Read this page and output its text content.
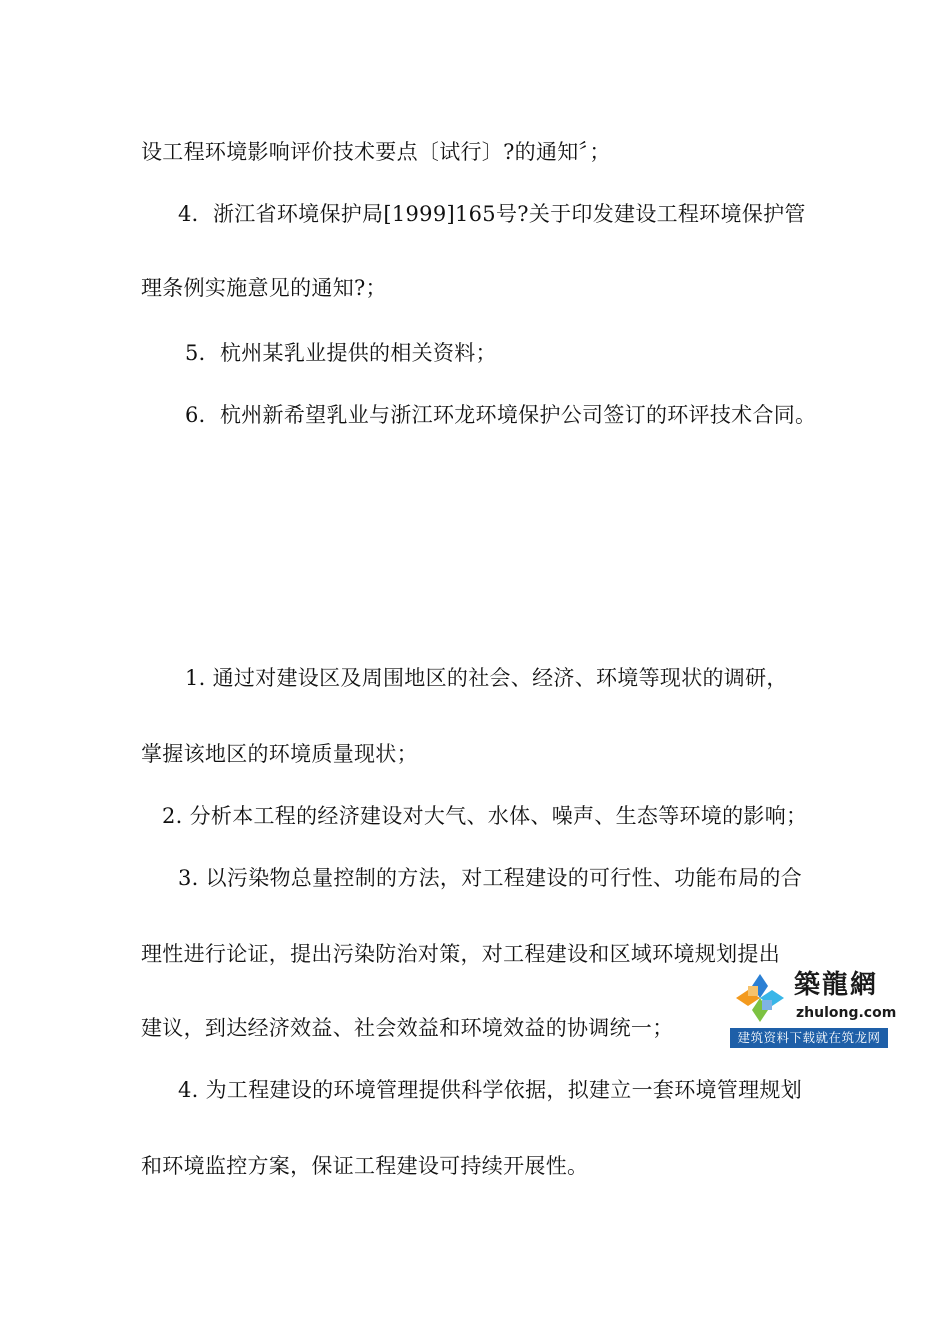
设工程环境影响评价技术要点〔试行〕?的通知〞；
4．浙江省环境保护局[1999]165号?关于印发建设工程环境保护管
理条例实施意见的通知?；
5．杭州某乳业提供的相关资料；
6．杭州新希望乳业与浙江环龙环境保护公司签订的环评技术合同。
1. 通过对建设区及周围地区的社会、经济、环境等现状的调研，
掌握该地区的环境质量现状；
2. 分析本工程的经济建设对大气、水体、噪声、生态等环境的影响；
3. 以污染物总量控制的方法，对工程建设的可行性、功能布局的合
理性进行论证，提出污染防治对策，对工程建设和区域环境规划提出
建议，到达经济效益、社会效益和环境效益的协调统一；
4. 为工程建设的环境管理提供科学依据，拟建立一套环境管理规划
和环境监控方案，保证工程建设可持续开展性。
築龍網
zhulong.com
建筑资料下载就在筑龙网
